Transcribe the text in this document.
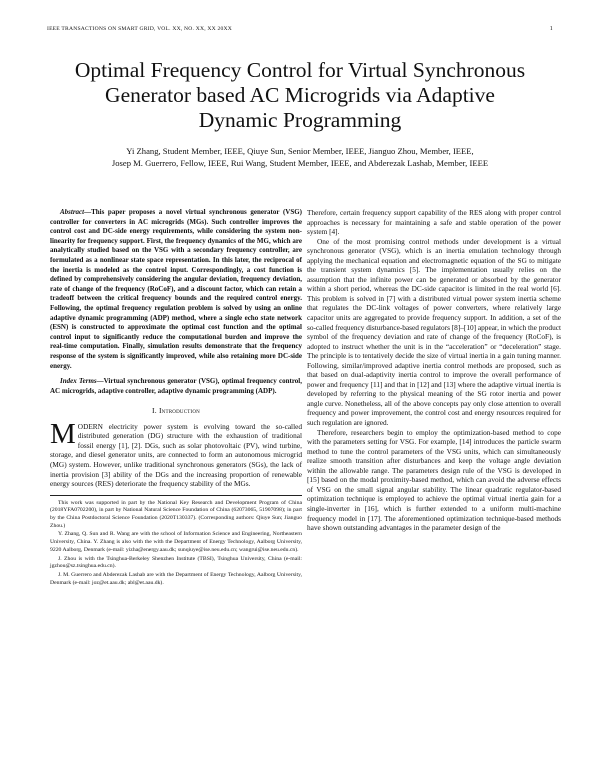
IEEE TRANSACTIONS ON SMART GRID, VOL. XX, NO. XX, XX 20XX	1
Optimal Frequency Control for Virtual Synchronous
Generator based AC Microgrids via Adaptive
Dynamic Programming
Yi Zhang, Student Member, IEEE, Qiuye Sun, Senior Member, IEEE, Jianguo Zhou, Member, IEEE,
Josep M. Guerrero, Fellow, IEEE, Rui Wang, Student Member, IEEE, and Abderezak Lashab, Member, IEEE

Abstract—This paper proposes a novel virtual synchronous generator (VSG) controller for converters in AC microgrids (MGs). Such controller improves the control cost and DC-side energy requirements, while considering the system non-linearity for frequency support. First, the frequency dynamics of the MG, which are analytically studied based on the VSG with a secondary frequency controller, are formulated as a nonlinear state space representation. In this later, the reciprocal of the inertia is modeled as the control input. Correspondingly, a cost function is defined by comprehensively considering the angular deviation, frequency deviation, rate of change of the frequency (RoCoF), and a discount factor, which can retain a tradeoff between the critical frequency bounds and the required control energy. Following, the optimal frequency regulation problem is solved by using an online adaptive dynamic programming (ADP) method, where a single echo state network (ESN) is constructed to approximate the optimal cost function and the optimal control input to significantly reduce the computational burden and improve the real-time computation. Finally, simulation results demonstrate that the frequency response of the system is significantly improved, while also retaining more DC-side energy.

Index Terms—Virtual synchronous generator (VSG), optimal frequency control, AC microgrids, adaptive controller, adaptive dynamic programming (ADP).

I. Introduction

MODERN electricity power system is evolving toward the so-called distributed generation (DG) structure with the exhaustion of traditional fossil energy [1], [2]. DGs, such as solar photovoltaic (PV), wind turbine, storage, and diesel generator units, are connected to form an autonomous microgrid (MG) system. However, unlike traditional synchronous generators (SGs), the lack of inertia provision [3] ability of the DGs and the increasing proportion of renewable energy sources (RES) deteriorate the frequency stability of the MGs.

This work was supported in part by the National Key Research and Development Program of China (2018YFA0702200), in part by National Natural Science Foundation of China (62073065, 51907098); in part by the China Postdoctoral Science Foundation (2020T130337). (Corresponding authors: Qiuye Sun; Jianguo Zhou.)

Y. Zhang, Q. Sun and R. Wang are with the school of Information Science and Engineering, Northeastern University, China. Y. Zhang is also with the with the Department of Energy Technology, Aalborg University, 9220 Aalborg, Denmark (e-mail: yizha@energy.aau.dk; sunqiuye@ise.neu.edu.cn; wangrui@ise.neu.edu.cn).

J. Zhou is with the Tsinghua-Berkeley Shenzhen Institute (TBSI), Tsinghua University, China (e-mail: jgzhou@sz.tsinghua.edu.cn).

J. M. Guerrero and Abderezak Lashab are with the Department of Energy Technology, Aalborg University, Denmark (e-mail: joz@et.aau.dk; abl@et.aau.dk).

Therefore, certain frequency support capability of the RES along with proper control approaches is necessary for maintaining a safe and stable operation of the power system [4].

One of the most promising control methods under development is a virtual synchronous generator (VSG), which is an inertia emulation technology through applying the mechanical equation and electromagnetic equation of the SG to mitigate the transient system dynamics [5]. The implementation usually relies on the assumption that the infinite power can be generated or absorbed by the generator within a short period, whereas the DC-side capacitor is limited in the real world [6]. This problem is solved in [7] with a distributed virtual power system inertia scheme that regulates the DC-link voltages of power converters, where relatively large capacitor units are aggregated to provide frequency support. In addition, a set of the so-called frequency disturbance-based regulators [8]–[10] appear, in which the product symbol of the frequency deviation and rate of change of the frequency (RoCoF), is adopted to instruct whether the unit is in the “acceleration” or “deceleration” stage. The principle is to tentatively decide the size of virtual inertia in a gain tuning manner. Following, similar/improved adaptive inertia control methods are proposed, such as that based on dual-adaptivity inertia control to improve the overall performance of power and frequency [11] and that in [12] and [13] where the adaptive virtual inertia is developed by referring to the physical meaning of the SG rotor inertia and power angle curve. Nonetheless, all of the above concepts pay only close attention to overall frequency and power improvement, the control cost and energy resources required for such regulation are ignored.

Therefore, researchers begin to employ the optimization-based method to cope with the parameters setting for VSG. For example, [14] introduces the particle swarm method to tune the control parameters of the VSG units, which can simultaneously realize smooth transition after disturbances and keep the voltage angle deviation within the allowable range. The parameters design rule of the VSG is developed in [15] based on the modal proximity-based method, which can avoid the adverse effects of VSG on the small signal angular stability. The linear quadratic regulator-based optimization technique is employed to achieve the optimal virtual inertia gain for a single-inverter in [16], which is further extended to a uniform multi-machine frequency model in [17]. The aforementioned optimization technique-based methods have shown outstanding advantages in the parameter design of the
